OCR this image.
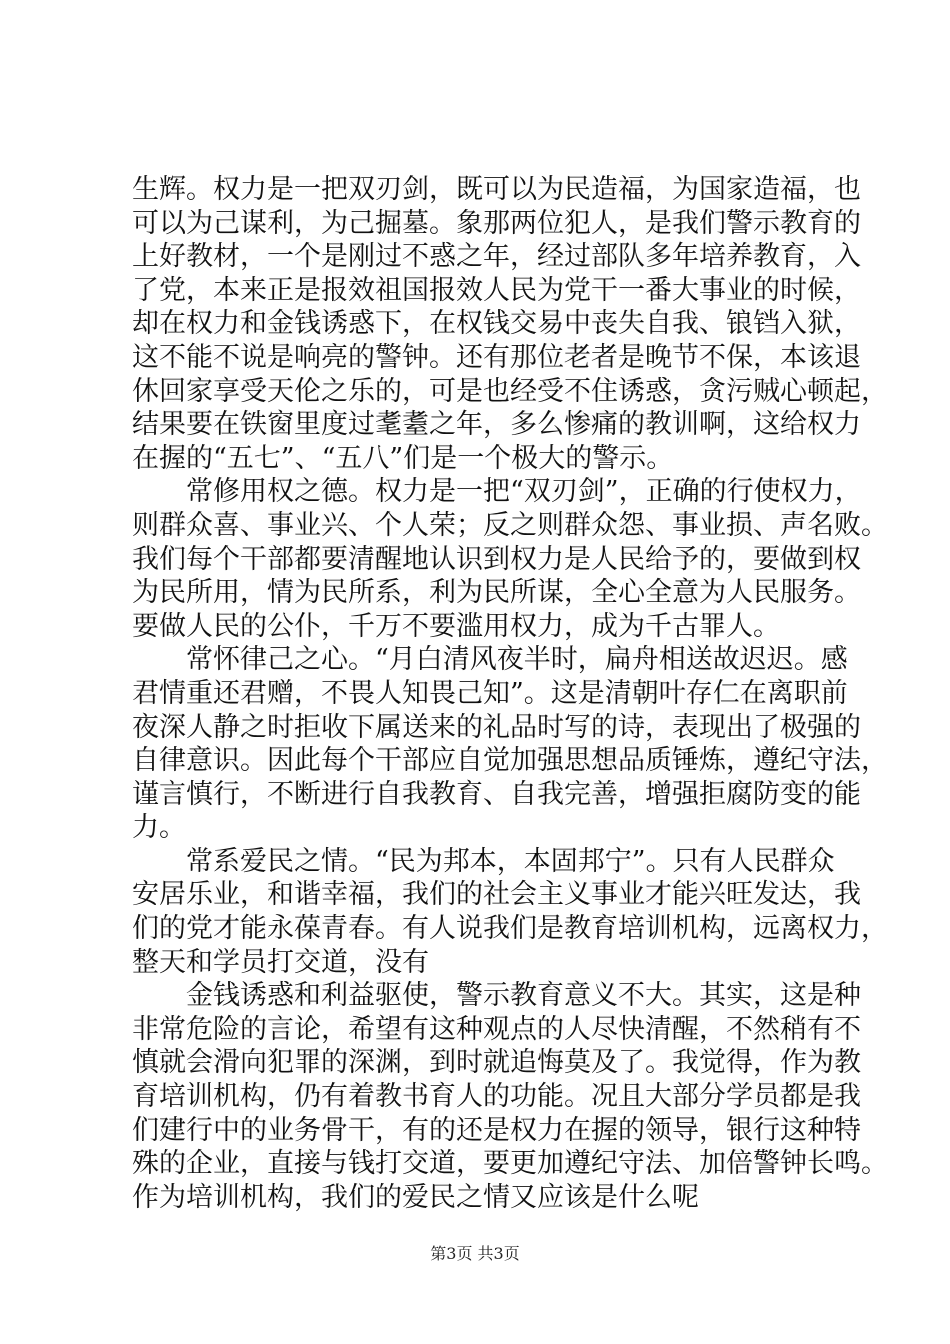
生辉。权力是一把双刃剑，既可以为民造福，为国家造福，也
可以为己谋利，为己掘墓。象那两位犯人，是我们警示教育的
上好教材，一个是刚过不惑之年，经过部队多年培养教育，入
了党，本来正是报效祖国报效人民为党干一番大事业的时候，
却在权力和金钱诱惑下，在权钱交易中丧失自我、锒铛入狱，
这不能不说是响亮的警钟。还有那位老者是晚节不保，本该退
休回家享受天伦之乐的，可是也经受不住诱惑，贪污贼心顿起，
结果要在铁窗里度过耄耋之年，多么惨痛的教训啊，这给权力
在握的“五七”、“五八”们是一个极大的警示。
常修用权之德。权力是一把“双刃剑”，正确的行使权力，
则群众喜、事业兴、个人荣；反之则群众怨、事业损、声名败。
我们每个干部都要清醒地认识到权力是人民给予的，要做到权
为民所用，情为民所系，利为民所谋，全心全意为人民服务。
要做人民的公仆，千万不要滥用权力，成为千古罪人。
常怀律己之心。“月白清风夜半时，扁舟相送故迟迟。感
君情重还君赠，不畏人知畏己知”。这是清朝叶存仁在离职前
夜深人静之时拒收下属送来的礼品时写的诗，表现出了极强的
自律意识。因此每个干部应自觉加强思想品质锤炼，遵纪守法，
谨言慎行，不断进行自我教育、自我完善，增强拒腐防变的能
力。
常系爱民之情。“民为邦本，本固邦宁”。只有人民群众
安居乐业，和谐幸福，我们的社会主义事业才能兴旺发达，我
们的党才能永葆青春。有人说我们是教育培训机构，远离权力，
整天和学员打交道，没有
金钱诱惑和利益驱使，警示教育意义不大。其实，这是种
非常危险的言论，希望有这种观点的人尽快清醒，不然稍有不
慎就会滑向犯罪的深渊，到时就追悔莫及了。我觉得，作为教
育培训机构，仍有着教书育人的功能。况且大部分学员都是我
们建行中的业务骨干，有的还是权力在握的领导，银行这种特
殊的企业，直接与钱打交道，要更加遵纪守法、加倍警钟长鸣。
作为培训机构，我们的爱民之情又应该是什么呢
第3页 共3页
